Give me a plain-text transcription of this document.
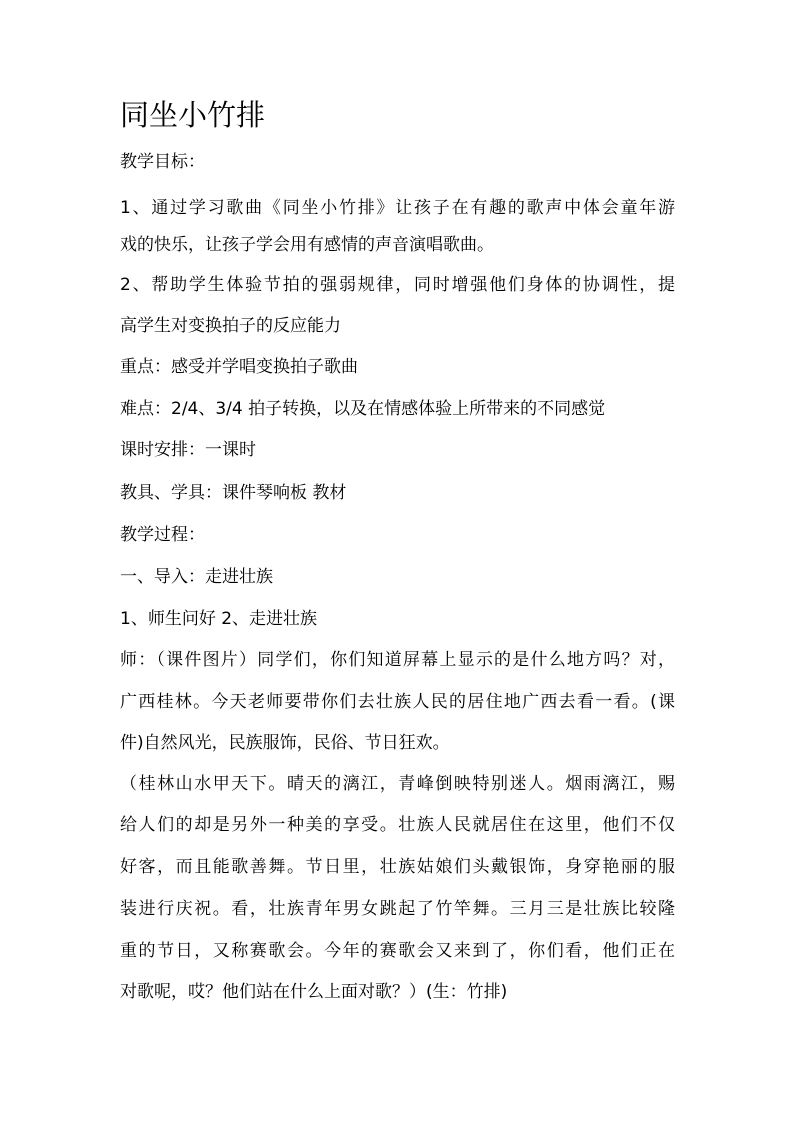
同坐小竹排

教学目标：

1、通过学习歌曲《同坐小竹排》让孩子在有趣的歌声中体会童年游

戏的快乐，让孩子学会用有感情的声音演唱歌曲。

2、帮助学生体验节拍的强弱规律，同时增强他们身体的协调性，提

高学生对变换拍子的反应能力

重点：感受并学唱变换拍子歌曲

难点：2/4、3/4 拍子转换，以及在情感体验上所带来的不同感觉

课时安排：一课时

教具、学具：课件琴响板 教材

教学过程：

一、导入：走进壮族

1、师生问好 2、走进壮族

师：（课件图片）同学们，你们知道屏幕上显示的是什么地方吗？对，

广西桂林。今天老师要带你们去壮族人民的居住地广西去看一看。(课

件)自然风光，民族服饰，民俗、节日狂欢。

（桂林山水甲天下。晴天的漓江，青峰倒映特别迷人。烟雨漓江，赐

给人们的却是另外一种美的享受。壮族人民就居住在这里，他们不仅

好客，而且能歌善舞。节日里，壮族姑娘们头戴银饰，身穿艳丽的服

装进行庆祝。看，壮族青年男女跳起了竹竿舞。三月三是壮族比较隆

重的节日，又称赛歌会。今年的赛歌会又来到了，你们看，他们正在

对歌呢，哎？他们站在什么上面对歌？）(生：竹排)
